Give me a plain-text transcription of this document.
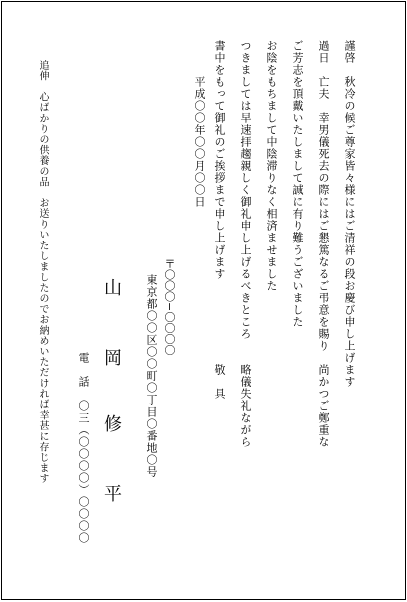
謹啓　秋冷の候ご尊家皆々様にはご清祥の段お慶び申し上げます
過日　亡夫　幸男儀死去の際にはご懇篤なるご弔意を賜り　尚かつご鄭重な
ご芳志を頂戴いたしまして誠に有り難うございました
お陰をもちまして中陰滞りなく相済ませました
つきましては早速拝趨親しく御礼申し上げるべきところ　　略儀失礼ながら
書中をもって御礼のご挨拶まで申し上げます　　　　　　　敬　具
平成〇〇年〇〇月〇〇日
〒〇〇〇−〇〇〇〇
東京都〇〇区〇〇町〇丁目〇番地〇号
山　岡
修　平
電　話　〇三（〇〇〇〇）〇〇〇〇
追伸　心ばかりの供養の品　お送りいたしましたのでお納めいただければ幸甚に存じます
